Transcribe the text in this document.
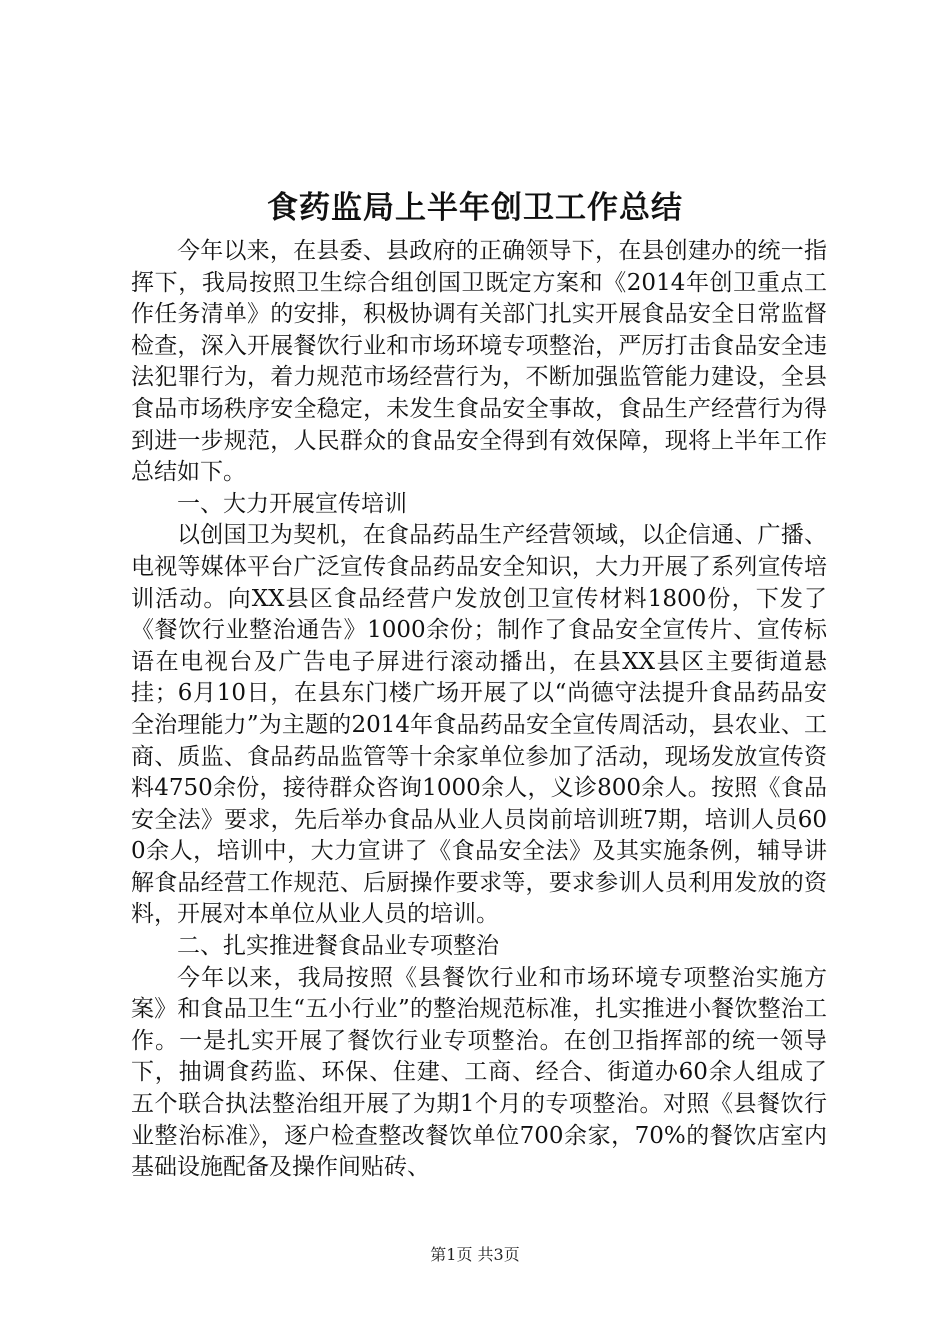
食药监局上半年创卫工作总结

今年以来，在县委、县政府的正确领导下，在县创建办的统一指挥下，我局按照卫生综合组创国卫既定方案和《2014年创卫重点工作任务清单》的安排，积极协调有关部门扎实开展食品安全日常监督检查，深入开展餐饮行业和市场环境专项整治，严厉打击食品安全违法犯罪行为，着力规范市场经营行为，不断加强监管能力建设，全县食品市场秩序安全稳定，未发生食品安全事故，食品生产经营行为得到进一步规范，人民群众的食品安全得到有效保障，现将上半年工作总结如下。

一、大力开展宣传培训

以创国卫为契机，在食品药品生产经营领域，以企信通、广播、电视等媒体平台广泛宣传食品药品安全知识，大力开展了系列宣传培训活动。向XX县区食品经营户发放创卫宣传材料1800份，下发了《餐饮行业整治通告》1000余份；制作了食品安全宣传片、宣传标语在电视台及广告电子屏进行滚动播出，在县XX县区主要街道悬挂；6月10日，在县东门楼广场开展了以“尚德守法提升食品药品安全治理能力”为主题的2014年食品药品安全宣传周活动，县农业、工商、质监、食品药品监管等十余家单位参加了活动，现场发放宣传资料4750余份，接待群众咨询1000余人，义诊800余人。按照《食品安全法》要求，先后举办食品从业人员岗前培训班7期，培训人员600余人，培训中，大力宣讲了《食品安全法》及其实施条例，辅导讲解食品经营工作规范、后厨操作要求等，要求参训人员利用发放的资料，开展对本单位从业人员的培训。

二、扎实推进餐食品业专项整治

今年以来，我局按照《县餐饮行业和市场环境专项整治实施方案》和食品卫生“五小行业”的整治规范标准，扎实推进小餐饮整治工作。一是扎实开展了餐饮行业专项整治。在创卫指挥部的统一领导下，抽调食药监、环保、住建、工商、经合、街道办60余人组成了五个联合执法整治组开展了为期1个月的专项整治。对照《县餐饮行业整治标准》，逐户检查整改餐饮单位700余家，70%的餐饮店室内基础设施配备及操作间贴砖、

第1页 共3页
